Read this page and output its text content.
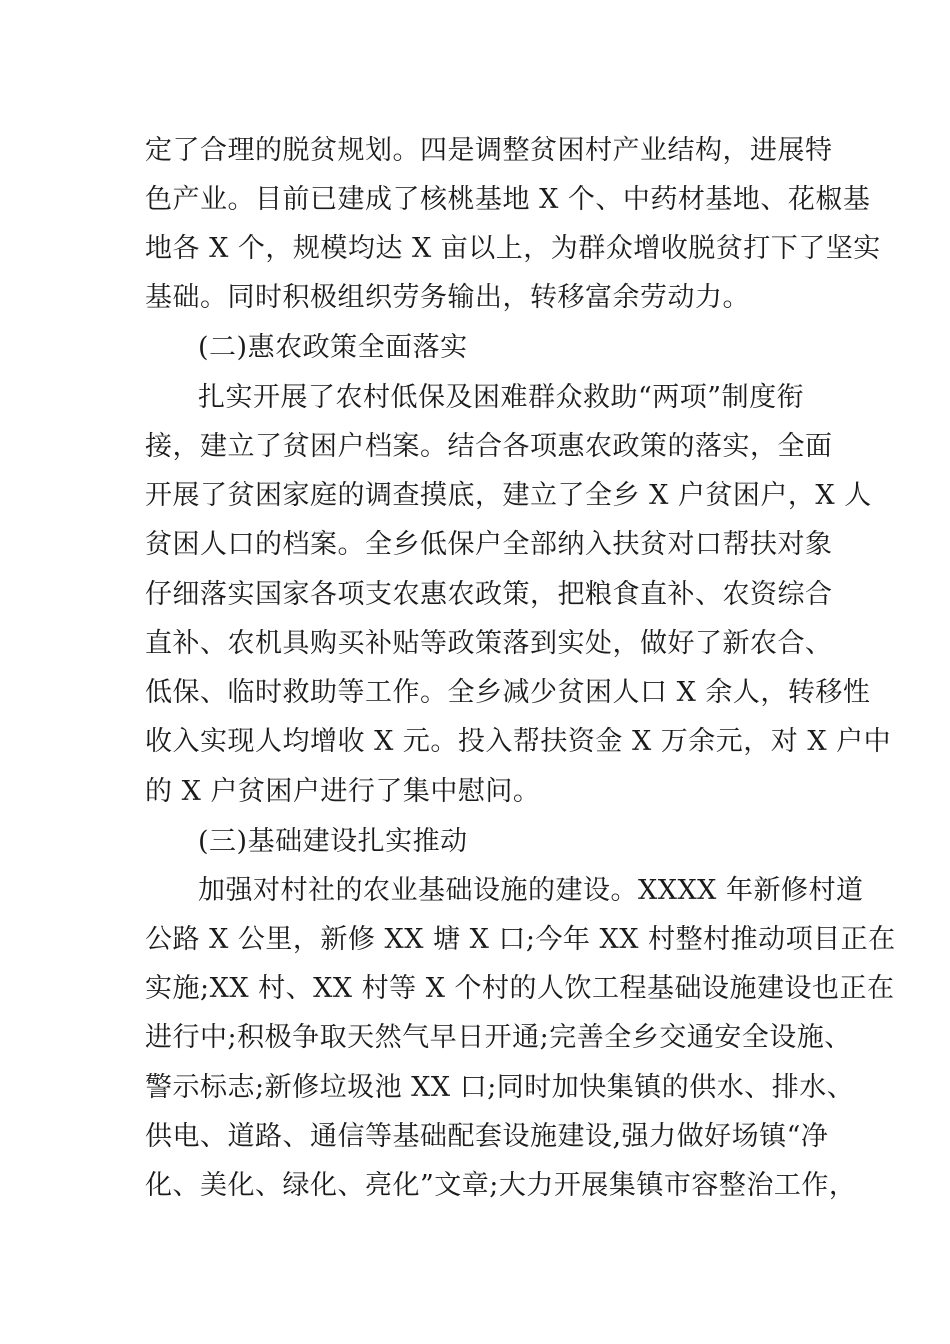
定了合理的脱贫规划。四是调整贫困村产业结构，进展特
色产业。目前已建成了核桃基地 X 个、中药材基地、花椒基
地各 X 个，规模均达 X 亩以上，为群众增收脱贫打下了坚实
基础。同时积极组织劳务输出，转移富余劳动力。
(二)惠农政策全面落实
扎实开展了农村低保及困难群众救助“两项”制度衔
接，建立了贫困户档案。结合各项惠农政策的落实，全面
开展了贫困家庭的调查摸底，建立了全乡 X 户贫困户，X 人
贫困人口的档案。全乡低保户全部纳入扶贫对口帮扶对象
仔细落实国家各项支农惠农政策，把粮食直补、农资综合
直补、农机具购买补贴等政策落到实处，做好了新农合、
低保、临时救助等工作。全乡减少贫困人口 X 余人，转移性
收入实现人均增收 X 元。投入帮扶资金 X 万余元，对 X 户中
的 X 户贫困户进行了集中慰问。
(三)基础建设扎实推动
加强对村社的农业基础设施的建设。XXXX 年新修村道
公路 X 公里，新修 XX 塘 X 口;今年 XX 村整村推动项目正在
实施;XX 村、XX 村等 X 个村的人饮工程基础设施建设也正在
进行中;积极争取天然气早日开通;完善全乡交通安全设施、
警示标志;新修垃圾池 XX 口;同时加快集镇的供水、排水、
供电、道路、通信等基础配套设施建设,强力做好场镇“净
化、美化、绿化、亮化”文章;大力开展集镇市容整治工作，
